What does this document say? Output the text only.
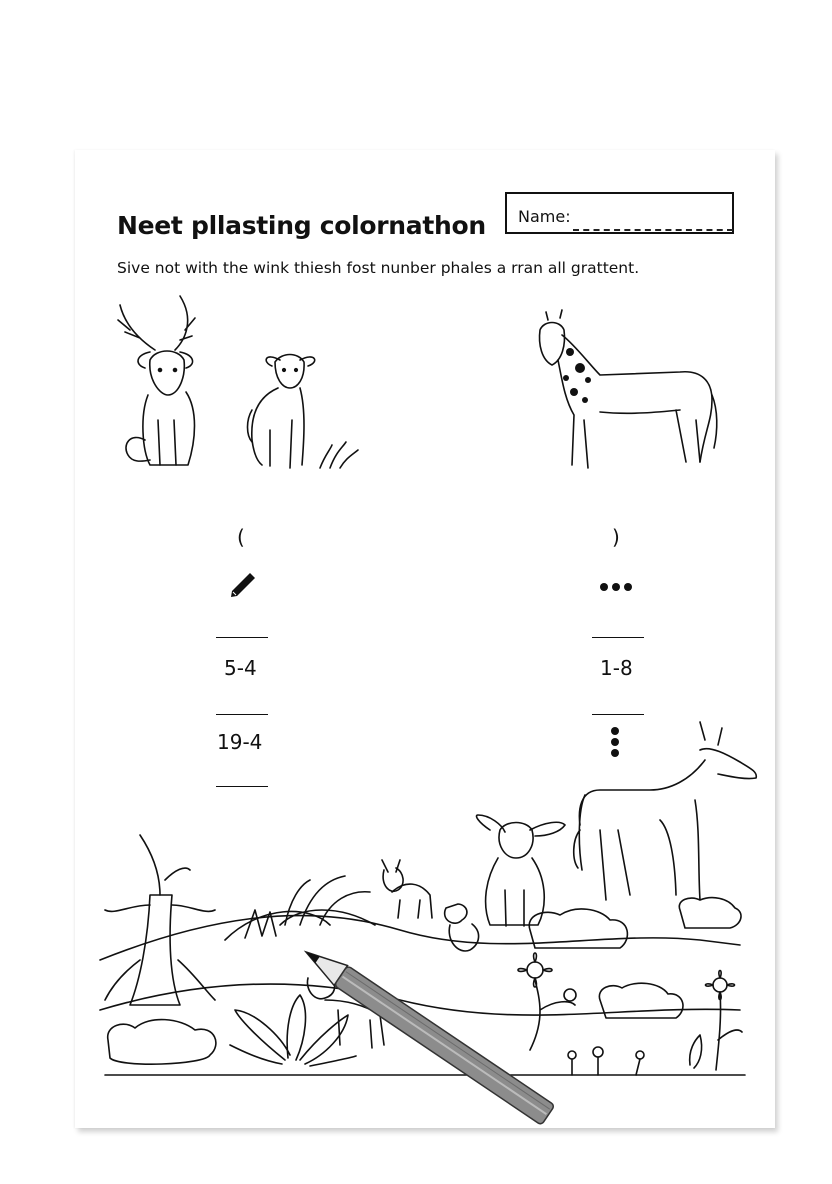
Neet pllasting colornathon Name:
Sive not with the wink thiesh fost nunber phales a rran all grattent.
(
5-4
19-4
)
1-8
